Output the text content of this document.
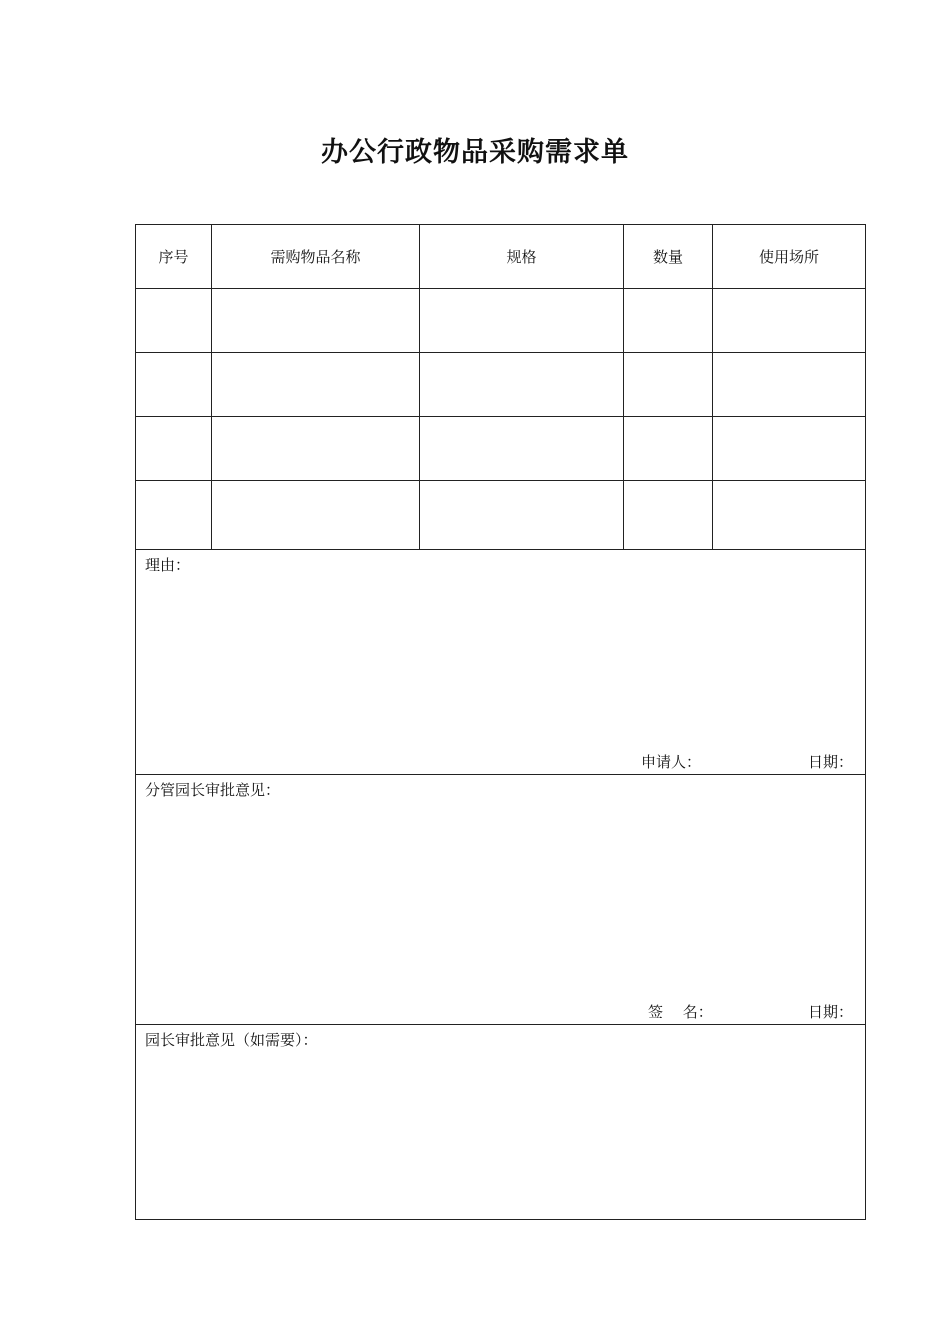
办公行政物品采购需求单
序号	需购物品名称	规格	数量	使用场所

理由：
申请人： 日期：				

分管园长审批意见：
签　 名： 日期：				

园长审批意见（如需要）：				
